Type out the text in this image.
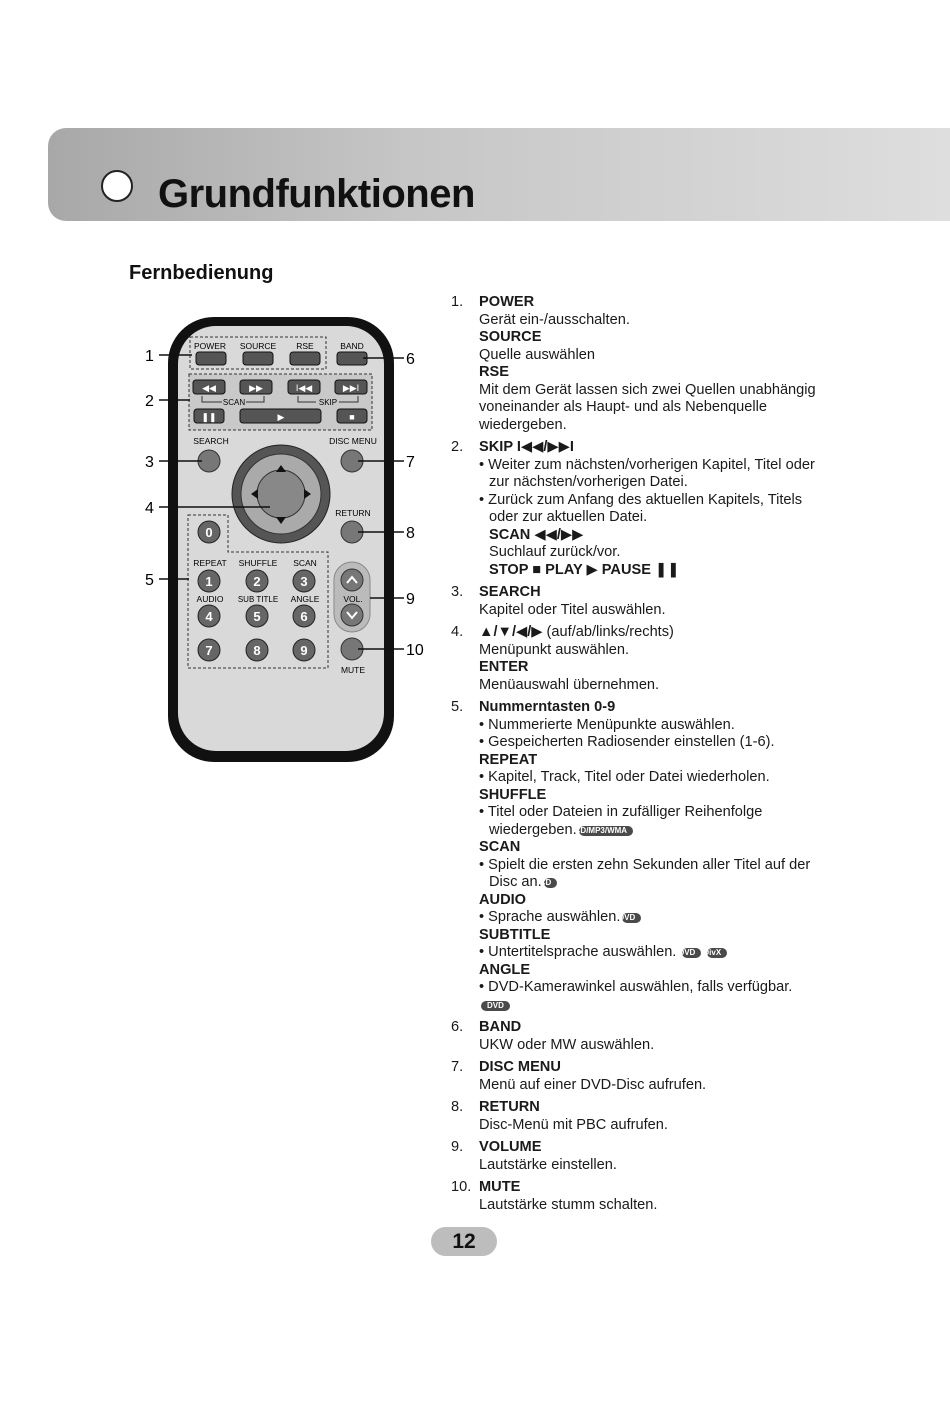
Grundfunktionen
Fernbedienung
POWER SOURCE RSE	BAND
◀◀	▶▶	I◀◀	▶▶I
SCAN	SKIP
❚❚	▶	■
SEARCH	DISC MENU
RETURN
0
REPEAT SHUFFLE SCAN
1	2	3
AUDIO SUB TITLE ANGLE
4	5	6
7	8	9
VOL.
MUTE
1
2
3
4
5
6
7
8
9
10
1. POWER
Gerät ein-/ausschalten.
SOURCE
Quelle auswählen
RSE
Mit dem Gerät lassen sich zwei Quellen unabhängig voneinander als Haupt- und als Nebenquelle wiedergeben.
2. SKIP I◀◀/▶▶I
• Weiter zum nächsten/vorherigen Kapitel, Titel oder zur nächsten/vorherigen Datei.
• Zurück zum Anfang des aktuellen Kapitels, Titels oder zur aktuellen Datei.
SCAN ◀◀/▶▶
Suchlauf zurück/vor.
STOP ■ PLAY ▶ PAUSE ❚❚
3. SEARCH
Kapitel oder Titel auswählen.
4. ▲/▼/◀/▶ (auf/ab/links/rechts)
Menüpunkt auswählen.
ENTER
Menüauswahl übernehmen.
5. Nummerntasten 0-9
• Nummerierte Menüpunkte auswählen.
• Gespeicherten Radiosender einstellen (1-6).
REPEAT
• Kapitel, Track, Titel oder Datei wiederholen.
SHUFFLE
• Titel oder Dateien in zufälliger Reihenfolge wiedergeben.CD/MP3/WMA
SCAN
• Spielt die ersten zehn Sekunden aller Titel auf der Disc an.CD
AUDIO
• Sprache auswählen.DVD
SUBTITLE
• Untertitelsprache auswählen. DVD DivX
ANGLE
• DVD-Kamerawinkel auswählen, falls verfügbar.
DVD
6. BAND
UKW oder MW auswählen.
7. DISC MENU
Menü auf einer DVD-Disc aufrufen.
8. RETURN
Disc-Menü mit PBC aufrufen.
9. VOLUME
Lautstärke einstellen.
10. MUTE
Lautstärke stumm schalten.
12
